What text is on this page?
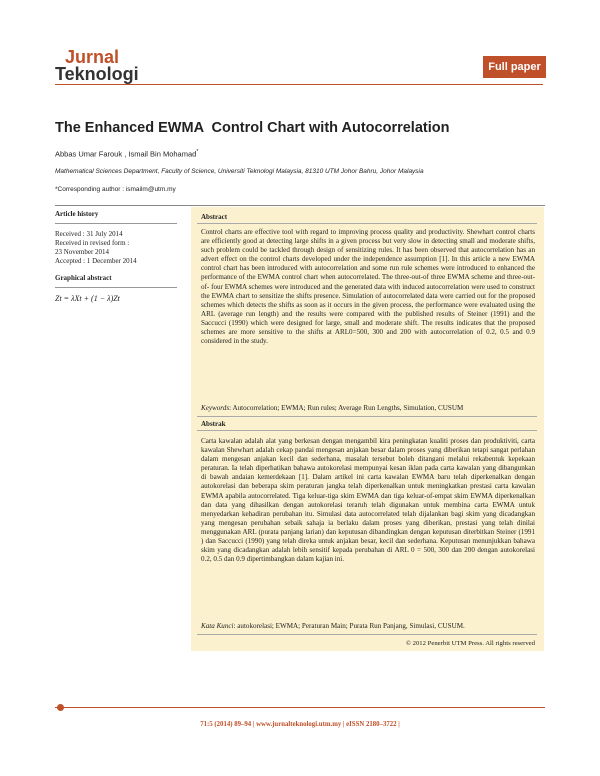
Jurnal
Teknologi	Full paper
The Enhanced EWMA  Control Chart with Autocorrelation
Abbas Umar Farouk , Ismail Bin Mohamad*
Mathematical Sciences Department, Faculty of Science, Universiti Teknologi Malaysia, 81310 UTM Johor Bahru, Johor Malaysia
*Corresponding author : ismailm@utm.my
Article history
Received : 31 July 2014
Received in revised form :
23 November 2014
Accepted : 1 December 2014
Graphical abstract
Zt = λXt + (1 − λ)Zt
Abstract
Control charts are effective tool with regard to improving process quality and productivity. Shewhart control charts are efficiently good at detecting large shifts in a given process but very slow in detecting small and moderate shifts, such problem could be tackled through design of sensitizing rules. It has been observed that autocorrelation has an advert effect on the control charts developed under the independence assumption [1]. In this article a new EWMA control chart has been introduced with autocorrelation and some run rule schemes were introduced to enhanced the performance of the EWMA control chart when autocorrelated. The three-out-of three EWMA scheme and three-out-of- four EWMA schemes were introduced and the generated data with induced autocorrelation were used to construct the EWMA chart to sensitize the shifts presence. Simulation of autocorrelated data were carried out for the proposed schemes which detects the shifts as soon as it occurs in the given process, the performance were evaluated using the ARL (average run length) and the results were compared with the published results of Steiner (1991) and the Saccucci (1990) which were designed for large, small and moderate shift. The results indicates that the proposed schemes are more sensitive to the shifts at ARL0=500, 300 and 200 with autocorrelation of 0.2, 0.5 and 0.9 considered in the study.
Keywords: Autocorrelation; EWMA; Run rules; Average Run Lengths, Simulation, CUSUM
Abstrak
Carta kawalan adalah alat yang berkesan dengan mengambil kira peningkatan kualiti proses dan produktiviti, carta kawalan Shewhart adalah cekap pandai mengesan anjakan besar dalam proses yang diberikan tetapi sangat perlahan dalam mengesan anjakan kecil dan sederhana, masalah tersebut boleh ditangani melalui rekabentuk kepekaan peraturan. Ia telah diperhatikan bahawa autokorelasi mempunyai kesan iklan pada carta kawalan yang dibangunkan di bawah andaian kemerdekaan [1]. Dalam artikel ini carta kawalan EWMA baru telah diperkenalkan dengan autokorelasi dan beberapa skim peraturan jangka telah diperkenalkan untuk meningkatkan prestasi carta kawalan EWMA apabila autocorrelated. Tiga keluar-tiga skim EWMA dan tiga keluar-of-empat skim EWMA diperkenalkan dan data yang dihasilkan dengan autokorelasi teraruh telah digunakan untuk membina carta EWMA untuk menyedarkan kehadiran perubahan itu. Simulasi data autocorrelated telah dijalankan bagi skim yang dicadangkan yang mengesan perubahan sebaik sahaja ia berlaku dalam proses yang diberikan, prestasi yang telah dinilai menggunakan ARL (purata panjang larian) dan keputusan dibandingkan dengan keputusan diterbitkan Steiner (1991 ) dan Saccucci (1990) yang telah direka untuk anjakan besar, kecil dan sederhana. Keputusan menunjukkan bahawa skim yang dicadangkan adalah lebih sensitif kepada perubahan di ARL 0 = 500, 300 dan 200 dengan autokorelasi 0.2, 0.5 dan 0.9 dipertimbangkan dalam kajian ini.
Kata Kunci: autokorelasi; EWMA; Peraturan Main; Purata Run Panjang, Simulasi, CUSUM.
© 2012 Penerbit UTM Press. All rights reserved
71:5 (2014) 89–94 | www.jurnalteknologi.utm.my | eISSN 2180–3722 |
